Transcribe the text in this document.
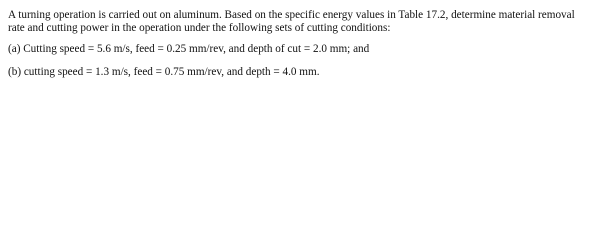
A turning operation is carried out on aluminum. Based on the specific energy values in Table 17.2, determine material removal rate and cutting power in the operation under the following sets of cutting conditions:

(a) Cutting speed = 5.6 m/s, feed = 0.25 mm/rev, and depth of cut = 2.0 mm; and

(b) cutting speed = 1.3 m/s, feed = 0.75 mm/rev, and depth = 4.0 mm.
